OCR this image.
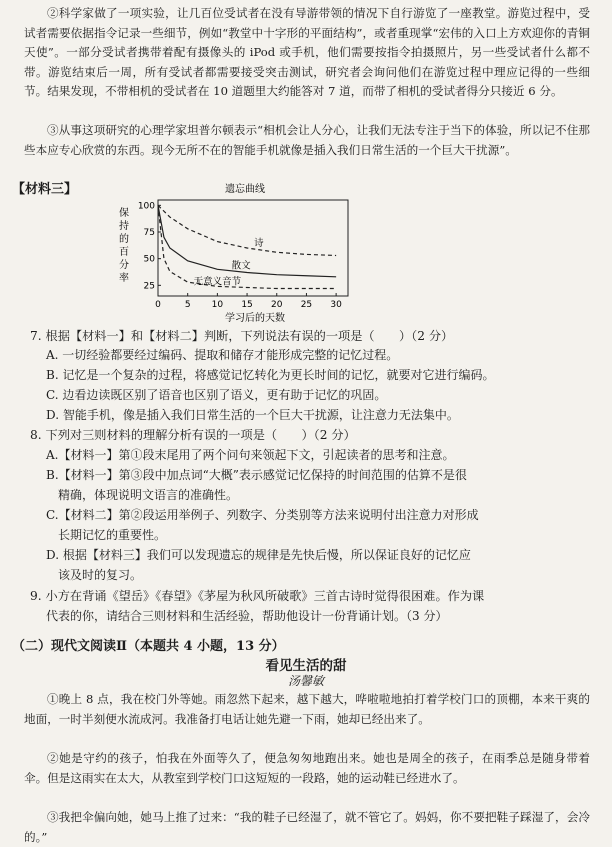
②科学家做了一项实验，让几百位受试者在没有导游带领的情况下自行游览了一座教堂。游览过程中，受试者需要依据指令记录一些细节，例如“教堂中十字形的平面结构”，或者重现掌“宏伟的入口上方欢迎你的青铜天使”。一部分受试者携带着配有摄像头的 iPod 或手机，他们需要按指令拍摄照片，另一些受试者什么都不带。游览结束后一周，所有受试者都需要接受突击测试，研究者会询问他们在游览过程中理应记得的一些细节。结果发现，不带相机的受试者在 10 道题里大约能答对 7 道，而带了相机的受试者得分只接近 6 分。

③从事这项研究的心理学家坦普尔顿表示“相机会让人分心，让我们无法专注于当下的体验，所以记不住那些本应专心欣赏的东西。现今无所不在的智能手机就像是插入我们日常生活的一个巨大干扰源”。

【材料三】	遗忘曲线
保
持
的
百
分
率
0	5 10 15 20 25 30
25
50
75
100
诗
散文
无意义音节
学习后的天数

7. 根据【材料一】和【材料二】判断，下列说法有误的一项是（　　）（2 分）

A. 一切经验都要经过编码、提取和储存才能形成完整的记忆过程。

B. 记忆是一个复杂的过程，将感觉记忆转化为更长时间的记忆，就要对它进行编码。

C. 边看边读既区别了语音也区别了语义，更有助于记忆的巩固。

D. 智能手机，像是插入我们日常生活的一个巨大干扰源，让注意力无法集中。

8. 下列对三则材料的理解分析有误的一项是（　　）（2 分）

A.【材料一】第①段末尾用了两个问句来领起下文，引起读者的思考和注意。

B.【材料一】第③段中加点词“大概”表示感觉记忆保持的时间范围的估算不是很

精确，体现说明文语言的准确性。

C.【材料二】第②段运用举例子、列数字、分类别等方法来说明付出注意力对形成

长期记忆的重要性。

D. 根据【材料三】我们可以发现遗忘的规律是先快后慢，所以保证良好的记忆应

该及时的复习。

9. 小方在背诵《望岳》《春望》《茅屋为秋风所破歌》三首古诗时觉得很困难。作为课

代表的你，请结合三则材料和生活经验，帮助他设计一份背诵计划。（3 分）

（二）现代文阅读Ⅱ（本题共 4 小题，13 分）
看见生活的甜
汤馨敏

①晚上 8 点，我在校门外等她。雨忽然下起来，越下越大，哗啦啦地拍打着学校门口的顶棚，本来干爽的地面，一时半刻便水流成河。我准备打电话让她先避一下雨，她却已经出来了。

②她是守约的孩子，怕我在外面等久了，便急匆匆地跑出来。她也是周全的孩子，在雨季总是随身带着伞。但是这雨实在太大，从教室到学校门口这短短的一段路，她的运动鞋已经进水了。

③我把伞偏向她，她马上推了过来：“我的鞋子已经湿了，就不管它了。妈妈，你不要把鞋子踩湿了，会冷的。”
